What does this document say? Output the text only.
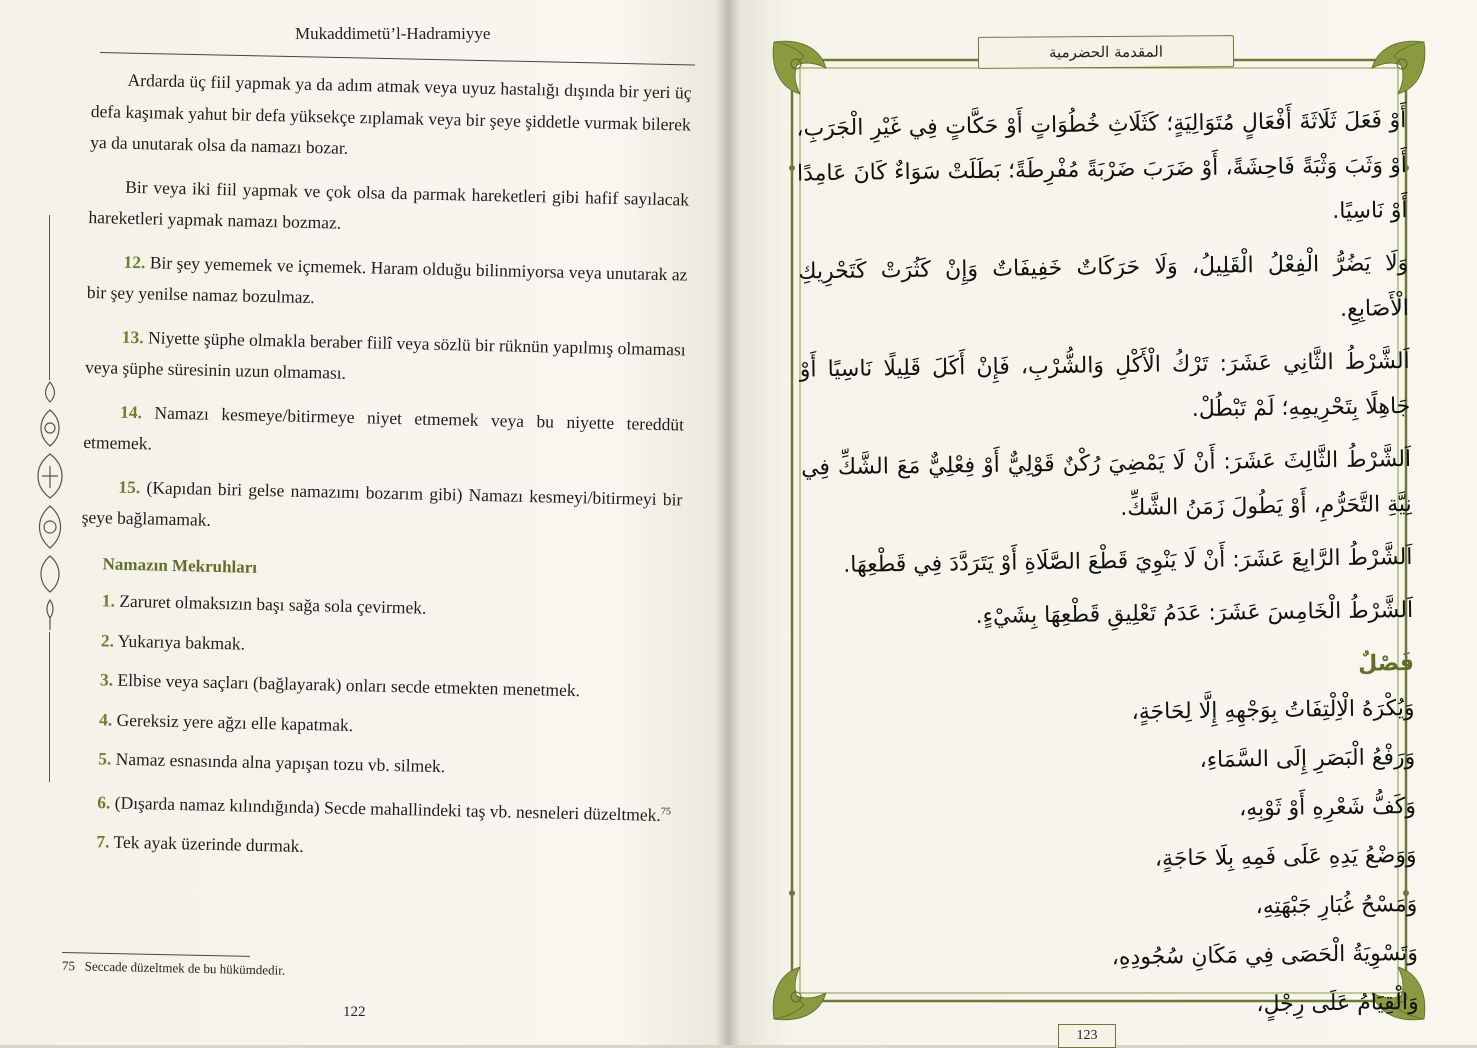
Mukaddimetü’l-Hadramiyye

Ardarda üç fiil yapmak ya da adım atmak veya uyuz hastalığı dışında bir yeri üç defa kaşımak yahut bir defa yüksekçe zıplamak veya bir şeye şiddetle vurmak bilerek ya da unutarak olsa da namazı bozar.

Bir veya iki fiil yapmak ve çok olsa da parmak hareketleri gibi hafif sayılacak hareketleri yapmak namazı bozmaz.

12. Bir şey yememek ve içmemek. Haram olduğu bilinmiyorsa veya unutarak az bir şey yenilse namaz bozulmaz.

13. Niyette şüphe olmakla beraber fiilî veya sözlü bir rüknün yapılmış olmaması veya şüphe süresinin uzun olmaması.

14. Namazı kesmeye/bitirmeye niyet etmemek veya bu niyette tereddüt etmemek.

15. (Kapıdan biri gelse namazımı bozarım gibi) Namazı kesmeyi/bitirmeyi bir şeye bağlamamak.

Namazın Mekruhları
1. Zaruret olmaksızın başı sağa sola çevirmek.
2. Yukarıya bakmak.
3. Elbise veya saçları (bağlayarak) onları secde etmekten menetmek.
4. Gereksiz yere ağzı elle kapatmak.
5. Namaz esnasında alna yapışan tozu vb. silmek.
6. (Dışarda namaz kılındığında) Secde mahallindeki taş vb. nesneleri düzeltmek.$^{75}$
7. Tek ayak üzerinde durmak.
75 Seccade düzeltmek de bu hükümdedir.
122
المقدمة الحضرمية

أَوْ فَعَلَ ثَلَاثَةَ أَفْعَالٍ مُتَوَالِيَةٍ؛ كَثَلَاثِ خُطُوَاتٍ أَوْ حَكَّاتٍ فِي غَيْرِ الْجَرَبِ، أَوْ وَثَبَ وَثْبَةً فَاحِشَةً، أَوْ ضَرَبَ ضَرْبَةً مُفْرِطَةً؛ بَطَلَتْ سَوَاءٌ كَانَ عَامِدًا أَوْ نَاسِيًا.

وَلَا يَضُرُّ الْفِعْلُ الْقَلِيلُ، وَلَا حَرَكَاتٌ خَفِيفَاتٌ وَإِنْ كَثُرَتْ كَتَحْرِيكِ الْأَصَابِعِ.

اَلشَّرْطُ الثَّانِي عَشَرَ: تَرْكُ الْأَكْلِ وَالشُّرْبِ، فَإِنْ أَكَلَ قَلِيلًا نَاسِيًا أَوْ جَاهِلًا بِتَحْرِيمِهِ؛ لَمْ تَبْطُلْ.

اَلشَّرْطُ الثَّالِثَ عَشَرَ: أَنْ لَا يَمْضِيَ رُكْنٌ قَوْلِيٌّ أَوْ فِعْلِيٌّ مَعَ الشَّكِّ فِي نِيَّةِ التَّحَرُّمِ، أَوْ يَطُولَ زَمَنُ الشَّكِّ.

اَلشَّرْطُ الرَّابِعَ عَشَرَ: أَنْ لَا يَنْوِيَ قَطْعَ الصَّلَاةِ أَوْ يَتَرَدَّدَ فِي قَطْعِهَا.

اَلشَّرْطُ الْخَامِسَ عَشَرَ: عَدَمُ تَعْلِيقِ قَطْعِهَا بِشَيْءٍ.

فَصْلٌ
وَيُكْرَهُ الْاِلْتِفَاتُ بِوَجْهِهِ إِلَّا لِحَاجَةٍ،
وَرَفْعُ الْبَصَرِ إِلَى السَّمَاءِ،
وَكَفُّ شَعْرِهِ أَوْ ثَوْبِهِ،
وَوَضْعُ يَدِهِ عَلَى فَمِهِ بِلَا حَاجَةٍ،
وَمَسْحُ غُبَارِ جَبْهَتِهِ،
وَتَسْوِيَةُ الْحَصَى فِي مَكَانِ سُجُودِهِ،
وَالْقِيَامُ عَلَى رِجْلٍ،
123
